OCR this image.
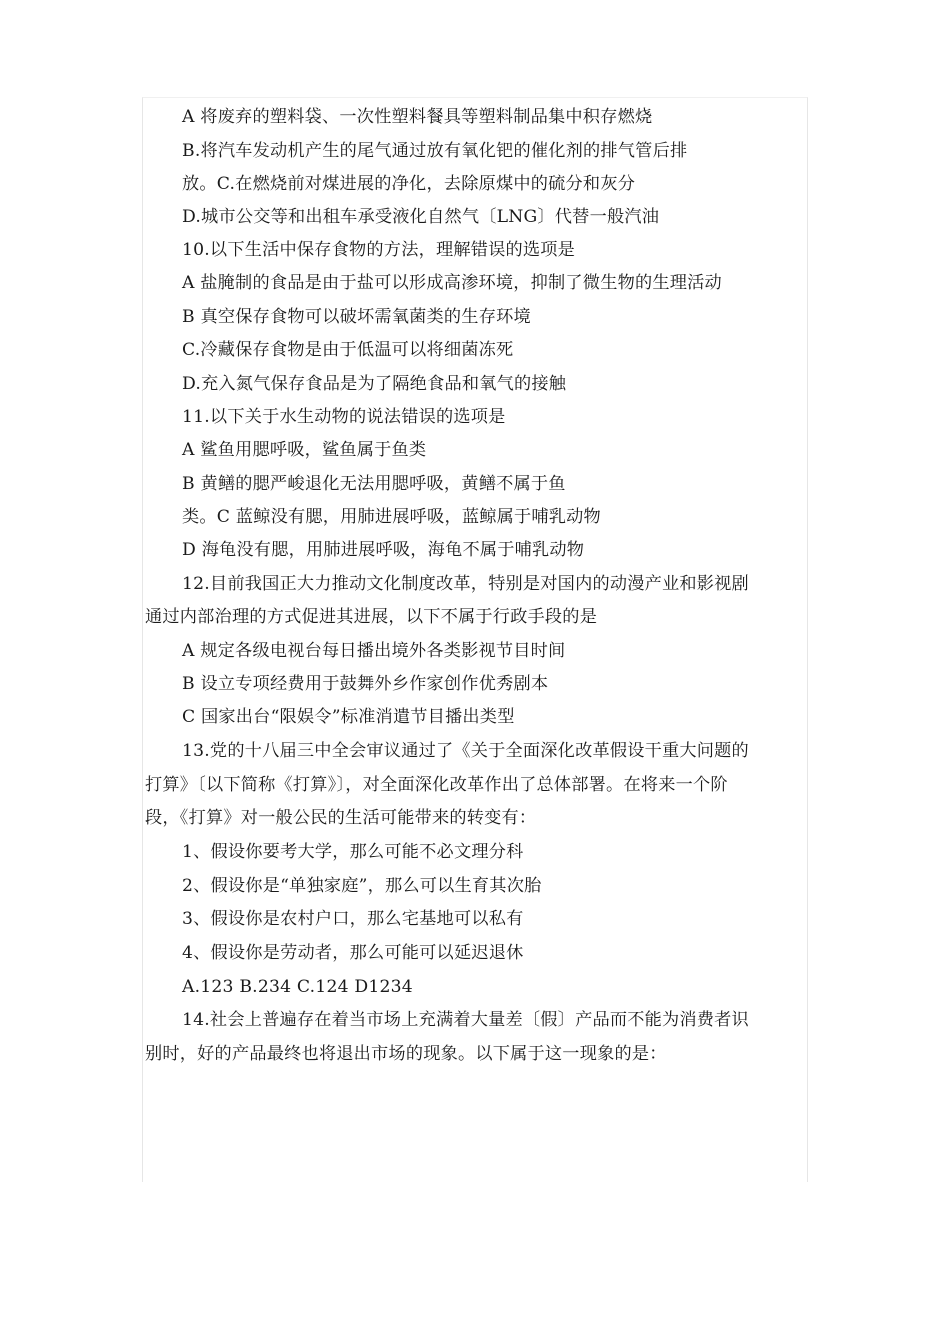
A 将废弃的塑料袋、一次性塑料餐具等塑料制品集中积存燃烧
B.将汽车发动机产生的尾气通过放有氧化钯的催化剂的排气管后排
放。C.在燃烧前对煤进展的净化，去除原煤中的硫分和灰分
D.城市公交等和出租车承受液化自然气〔LNG〕代替一般汽油
10.以下生活中保存食物的方法，理解错误的选项是
A 盐腌制的食品是由于盐可以形成高渗环境，抑制了微生物的生理活动
B 真空保存食物可以破坏需氧菌类的生存环境
C.冷藏保存食物是由于低温可以将细菌冻死
D.充入氮气保存食品是为了隔绝食品和氧气的接触
11.以下关于水生动物的说法错误的选项是
A 鲨鱼用腮呼吸，鲨鱼属于鱼类
B 黄鳝的腮严峻退化无法用腮呼吸，黄鳝不属于鱼
类。C 蓝鲸没有腮，用肺进展呼吸，蓝鲸属于哺乳动物
D 海龟没有腮，用肺进展呼吸，海龟不属于哺乳动物
12.目前我国正大力推动文化制度改革，特别是对国内的动漫产业和影视剧
通过内部治理的方式促进其进展，以下不属于行政手段的是
A 规定各级电视台每日播出境外各类影视节目时间
B 设立专项经费用于鼓舞外乡作家创作优秀剧本
C 国家出台“限娱令”标准消遣节目播出类型
13.党的十八届三中全会审议通过了《关于全面深化改革假设干重大问题的
打算》〔以下简称《打算》〕，对全面深化改革作出了总体部署。在将来一个阶
段，《打算》对一般公民的生活可能带来的转变有：
1、假设你要考大学，那么可能不必文理分科
2、假设你是“单独家庭”，那么可以生育其次胎
3、假设你是农村户口，那么宅基地可以私有
4、假设你是劳动者，那么可能可以延迟退休
A.123 B.234 C.124 D1234
14.社会上普遍存在着当市场上充满着大量差〔假〕产品而不能为消费者识
别时，好的产品最终也将退出市场的现象。以下属于这一现象的是：
